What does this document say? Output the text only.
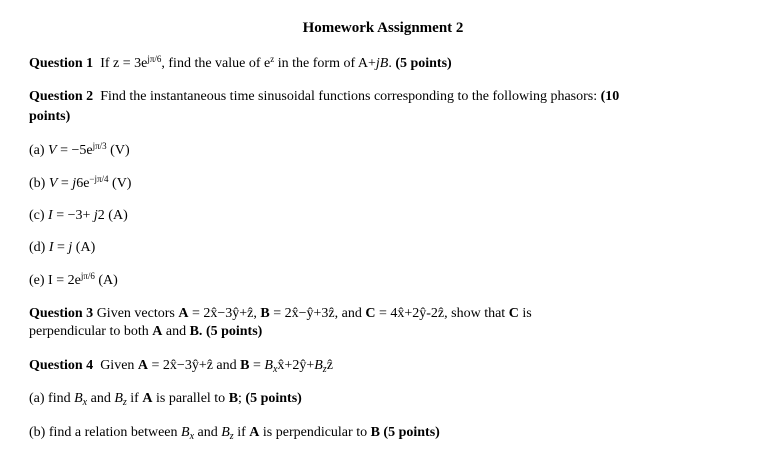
Homework Assignment 2
Question 1 If $z = 3e^{j\pi/6}$, find the value of $e^z$ in the form of A+jB. (5 points)
Question 2 Find the instantaneous time sinusoidal functions corresponding to the following phasors: (10
points)
(a) $V = -5e^{j\pi/3}$ (V)
(b) $V = j6e^{-j\pi/4}$ (V)
(c) I = −3+ j2 (A)
(d) I = j (A)
(e) $I = 2e^{j\pi/6}$ (A)
Question 3 Given vectors A = 2x̂−3ŷ+ẑ, B = 2x̂−ŷ+3ẑ, and C = 4x̂+2ŷ-2ẑ, show that C is
perpendicular to both A and B. (5 points)
Question 4 Given A = 2x̂−3ŷ+ẑ and $B = B_xx̂+2ŷ+B_zẑ$
(a) find $B_x$ and $B_z$ if A is parallel to B; (5 points)
(b) find a relation between $B_x$ and $B_z$ if A is perpendicular to B (5 points)
